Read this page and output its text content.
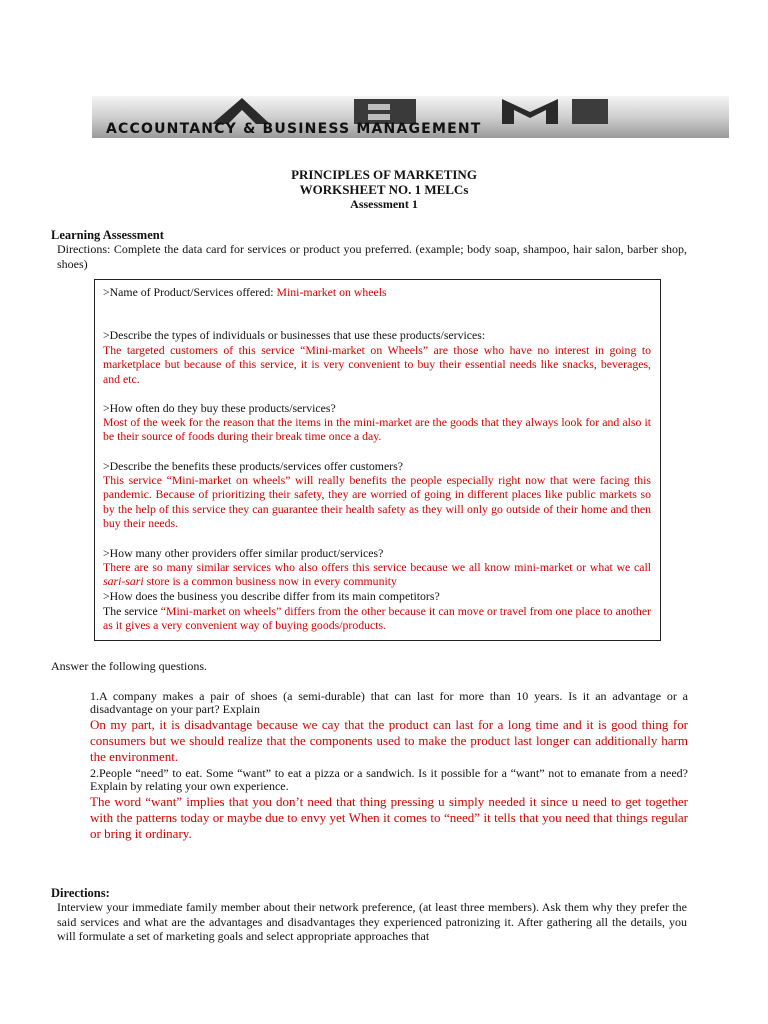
ACCOUNTANCY & BUSINESS MANAGEMENT
PRINCIPLES OF MARKETING
WORKSHEET NO. 1 MELCs
Assessment 1
Learning Assessment
Directions: Complete the data card for services or product you preferred. (example; body soap, shampoo, hair salon, barber shop, shoes)
>Name of Product/Services offered: Mini-market on wheels
>Describe the types of individuals or businesses that use these products/services:
The targeted customers of this service “Mini-market on Wheels” are those who have no interest in going to marketplace but because of this service, it is very convenient to buy their essential needs like snacks, beverages, and etc.
>How often do they buy these products/services?
Most of the week for the reason that the items in the mini-market are the goods that they always look for and also it be their source of foods during their break time once a day.
>Describe the benefits these products/services offer customers?
This service “Mini-market on wheels” will really benefits the people especially right now that were facing this pandemic. Because of prioritizing their safety, they are worried of going in different places like public markets so by the help of this service they can guarantee their health safety as they will only go outside of their home and then buy their needs.
>How many other providers offer similar product/services?
There are so many similar services who also offers this service because we all know mini-market or what we call sari-sari store is a common business now in every community
>How does the business you describe differ from its main competitors?
The service “Mini-market on wheels” differs from the other because it can move or travel from one place to another as it gives a very convenient way of buying goods/products.
Answer the following questions.
1.A company makes a pair of shoes (a semi-durable) that can last for more than 10 years. Is it an advantage or a disadvantage on your part? Explain
On my part, it is disadvantage because we cay that the product can last for a long time and it is good thing for consumers but we should realize that the components used to make the product last longer can additionally harm the environment.
2.People “need” to eat. Some “want” to eat a pizza or a sandwich. Is it possible for a “want” not to emanate from a need? Explain by relating your own experience.
The word “want” implies that you don’t need that thing pressing u simply needed it since u need to get together with the patterns today or maybe due to envy yet When it comes to “need” it tells that you need that things regular or bring it ordinary.
Directions:
Interview your immediate family member about their network preference, (at least three members). Ask them why they prefer the said services and what are the advantages and disadvantages they experienced patronizing it. After gathering all the details, you will formulate a set of marketing goals and select appropriate approaches that
